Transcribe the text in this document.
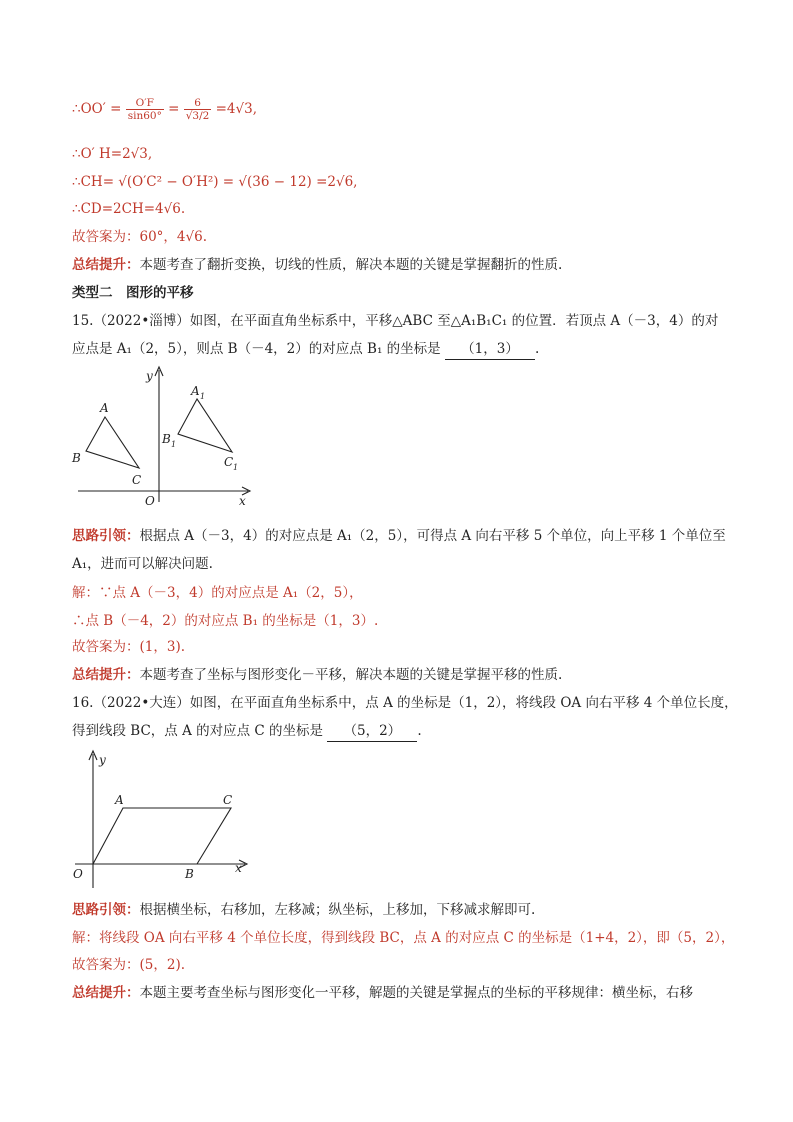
∴OO′ = $\frac{O'F}{\sin 60^\circ} = \frac{6}{√3/2} =4√3$,
∴O′ H=2√3,
∴CH= √(O′C² − O′H²) = √(36 − 12) =2√6,
∴CD=2CH=4√6.
故答案为：60°，4√6.
总结提升：本题考查了翻折变换，切线的性质，解决本题的关键是掌握翻折的性质.
类型二　图形的平移
15.（2022•淄博）如图，在平面直角坐标系中，平移△ABC 至△A₁B₁C₁ 的位置．若顶点 A（－3，4）的对
应点是 A₁（2，5），则点 B（－4，2）的对应点 B₁ 的坐标是 （1，3） .
A
B
C
A 1
B 1
C 1
O	x
y
思路引领：根据点 A（－3，4）的对应点是 A₁（2，5），可得点 A 向右平移 5 个单位，向上平移 1 个单位至
A₁，进而可以解决问题.
解：∵点 A（－3，4）的对应点是 A₁（2，5），
∴点 B（－4，2）的对应点 B₁ 的坐标是（1，3）.
故答案为：(1，3).
总结提升：本题考查了坐标与图形变化－平移，解决本题的关键是掌握平移的性质.
16.（2022•大连）如图，在平面直角坐标系中，点 A 的坐标是（1，2），将线段 OA 向右平移 4 个单位长度，
得到线段 BC，点 A 的对应点 C 的坐标是 （5，2） .
A	C
B
O	x
y
思路引领：根据横坐标，右移加，左移减；纵坐标，上移加，下移减求解即可.
解：将线段 OA 向右平移 4 个单位长度，得到线段 BC，点 A 的对应点 C 的坐标是（1+4，2），即（5，2），
故答案为：(5，2).
总结提升：本题主要考查坐标与图形变化一平移，解题的关键是掌握点的坐标的平移规律：横坐标，右移
